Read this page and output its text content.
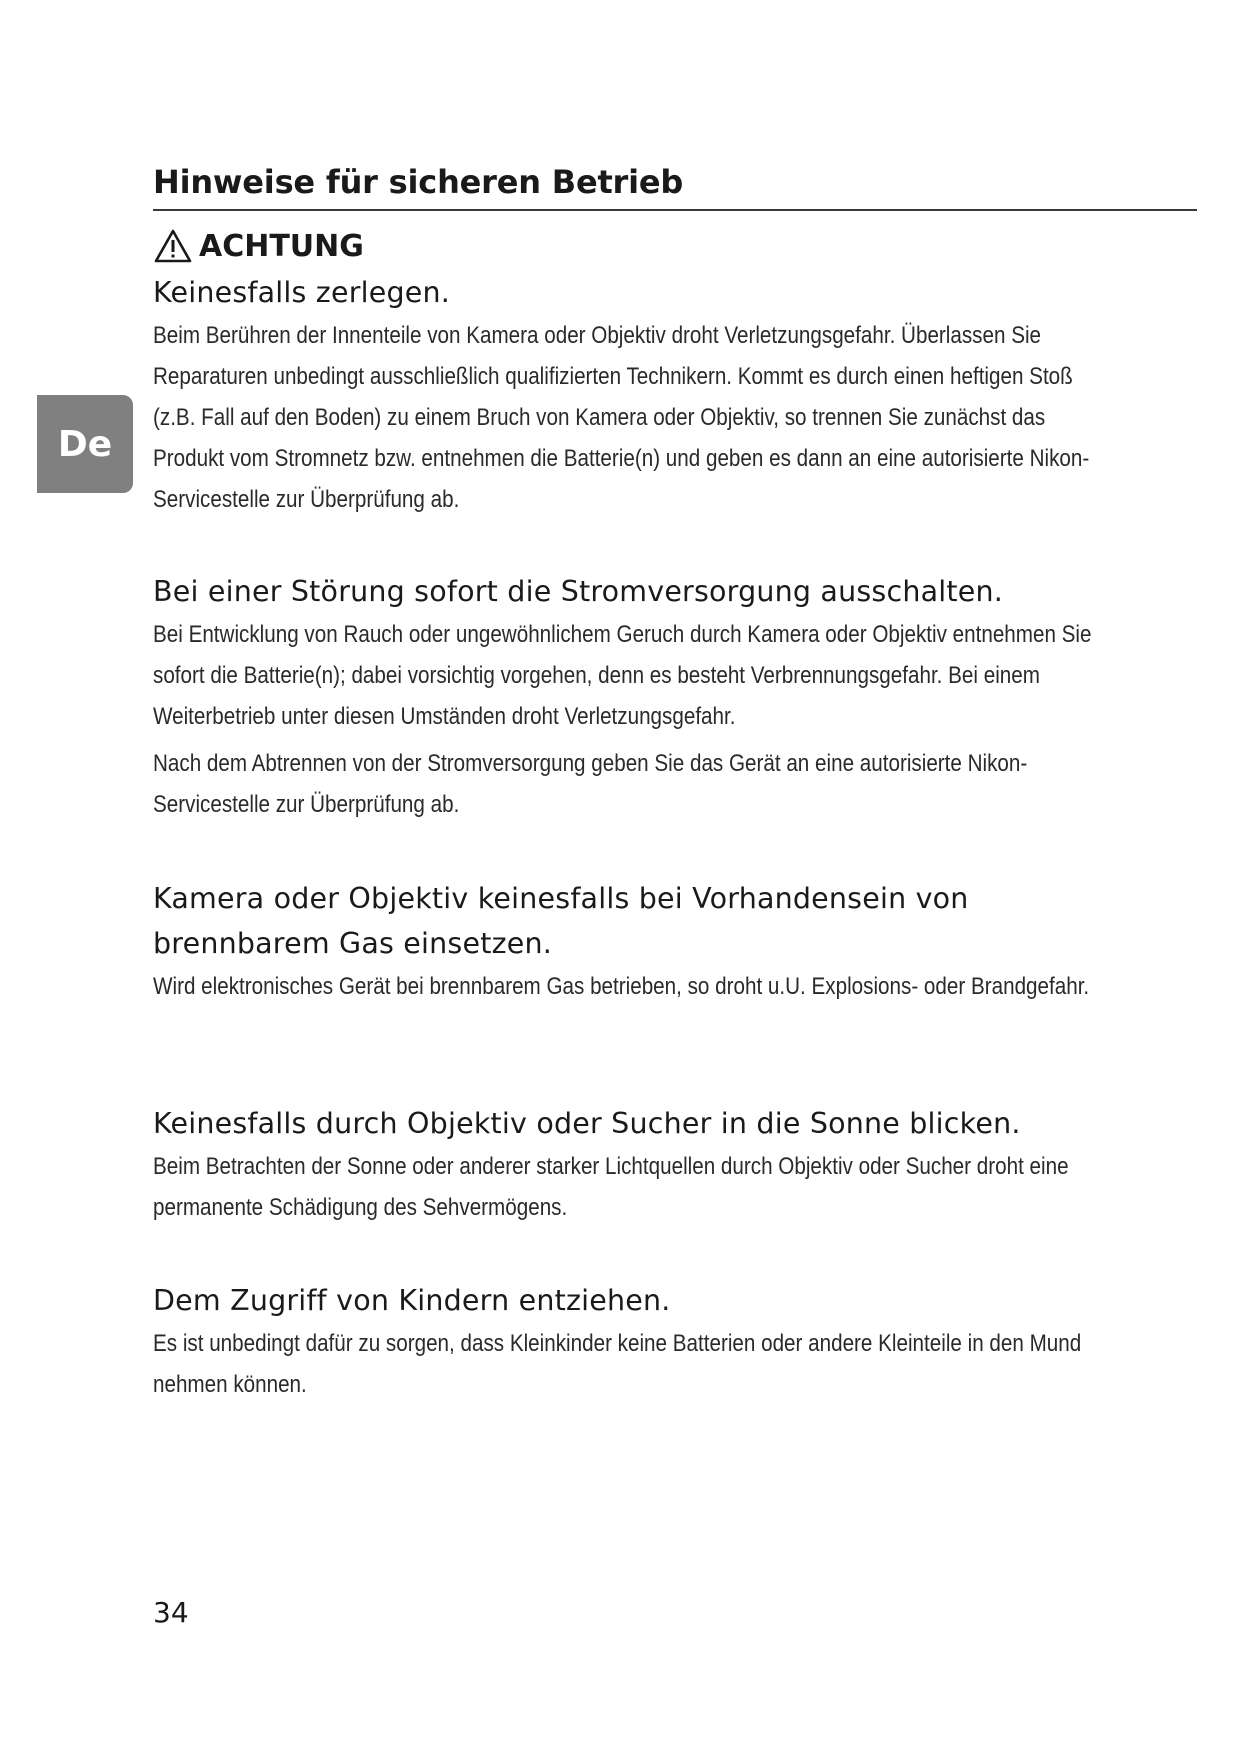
Hinweise für sicheren Betrieb
De
ACHTUNG
Keinesfalls zerlegen.

Beim Berühren der Innenteile von Kamera oder Objektiv droht Verletzungsgefahr. Überlassen Sie Reparaturen unbedingt ausschließlich qualifizierten Technikern. Kommt es durch einen heftigen Stoß (z.B. Fall auf den Boden) zu einem Bruch von Kamera oder Objektiv, so trennen Sie zunächst das Produkt vom Stromnetz bzw. entnehmen die Batterie(n) und geben es dann an eine autorisierte Nikon-Servicestelle zur Überprüfung ab.

Bei einer Störung sofort die Stromversorgung ausschalten.

Bei Entwicklung von Rauch oder ungewöhnlichem Geruch durch Kamera oder Objektiv entnehmen Sie sofort die Batterie(n); dabei vorsichtig vorgehen, denn es besteht Verbrennungsgefahr. Bei einem Weiterbetrieb unter diesen Umständen droht Verletzungsgefahr.

Nach dem Abtrennen von der Stromversorgung geben Sie das Gerät an eine autorisierte Nikon-Servicestelle zur Überprüfung ab.

Kamera oder Objektiv keinesfalls bei Vorhandensein von brennbarem Gas einsetzen.

Wird elektronisches Gerät bei brennbarem Gas betrieben, so droht u.U. Explosions- oder Brandgefahr.

Keinesfalls durch Objektiv oder Sucher in die Sonne blicken.

Beim Betrachten der Sonne oder anderer starker Lichtquellen durch Objektiv oder Sucher droht eine permanente Schädigung des Sehvermögens.

Dem Zugriff von Kindern entziehen.

Es ist unbedingt dafür zu sorgen, dass Kleinkinder keine Batterien oder andere Kleinteile in den Mund nehmen können.

34
